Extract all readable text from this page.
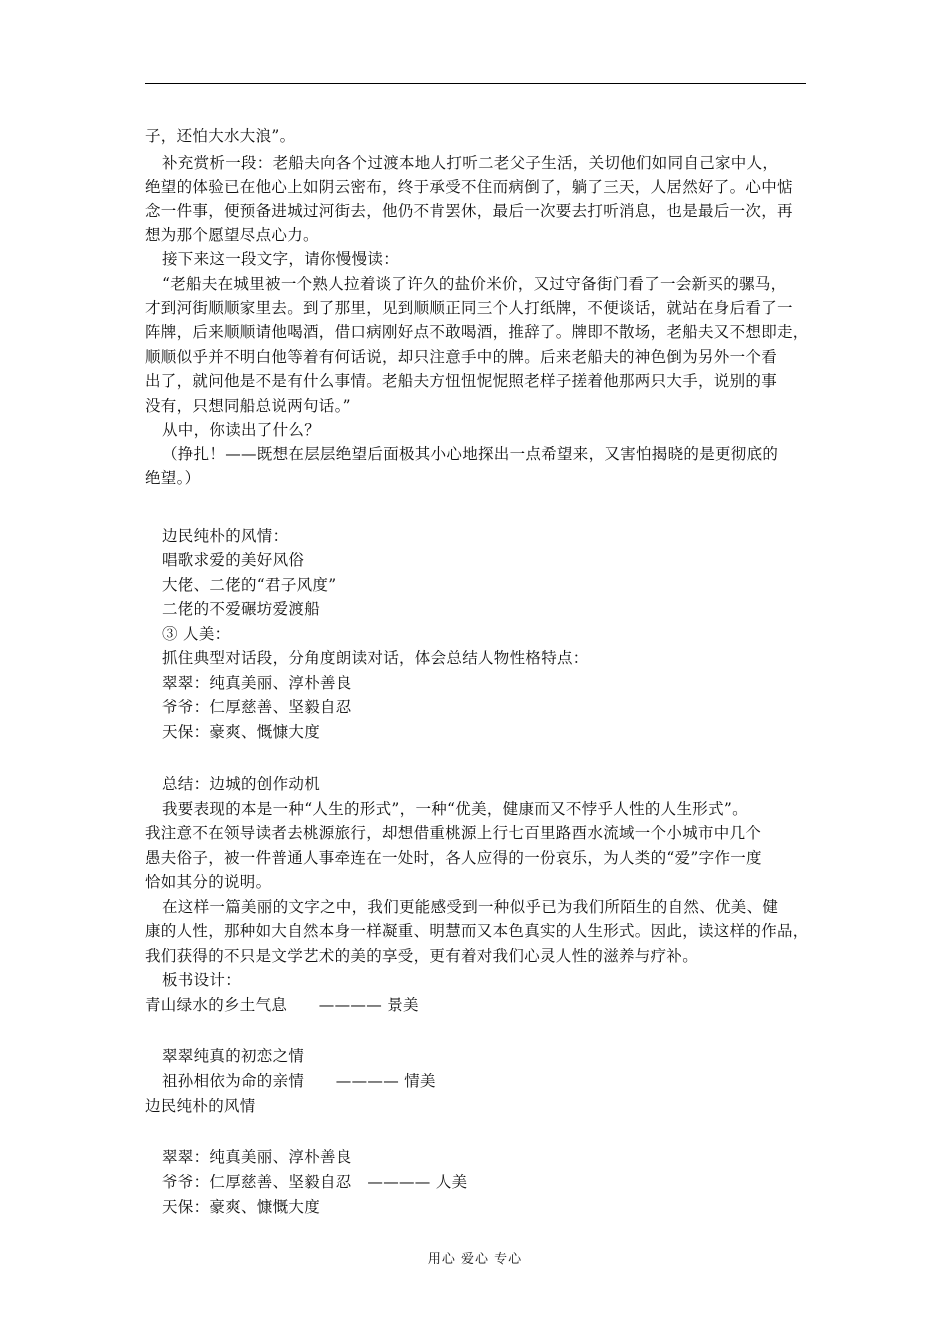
子，还怕大水大浪”。
补充赏析一段：老船夫向各个过渡本地人打听二老父子生活，关切他们如同自己家中人，
绝望的体验已在他心上如阴云密布，终于承受不住而病倒了，躺了三天，人居然好了。心中惦
念一件事，便预备进城过河街去，他仍不肯罢休，最后一次要去打听消息，也是最后一次，再
想为那个愿望尽点心力。
接下来这一段文字，请你慢慢读：
“老船夫在城里被一个熟人拉着谈了许久的盐价米价，又过守备街门看了一会新买的骡马，
才到河街顺顺家里去。到了那里，见到顺顺正同三个人打纸牌，不便谈话，就站在身后看了一
阵牌，后来顺顺请他喝酒，借口病刚好点不敢喝酒，推辞了。牌即不散场，老船夫又不想即走，
顺顺似乎并不明白他等着有何话说，却只注意手中的牌。后来老船夫的神色倒为另外一个看
出了，就问他是不是有什么事情。老船夫方忸忸怩怩照老样子搓着他那两只大手，说别的事
没有，只想同船总说两句话。”
从中，你读出了什么？
（挣扎！——既想在层层绝望后面极其小心地探出一点希望来，又害怕揭晓的是更彻底的
绝望。）
边民纯朴的风情：
唱歌求爱的美好风俗
大佬、二佬的“君子风度”
二佬的不爱碾坊爱渡船
③ 人美：
抓住典型对话段，分角度朗读对话，体会总结人物性格特点：
翠翠：纯真美丽、淳朴善良
爷爷：仁厚慈善、坚毅自忍
天保：豪爽、慨慷大度
总结：边城的创作动机
我要表现的本是一种“人生的形式”，一种“优美，健康而又不悖乎人性的人生形式”。
我注意不在领导读者去桃源旅行，却想借重桃源上行七百里路酉水流域一个小城市中几个
愚夫俗子，被一件普通人事牵连在一处时，各人应得的一份哀乐，为人类的“爱”字作一度
恰如其分的说明。
在这样一篇美丽的文字之中，我们更能感受到一种似乎已为我们所陌生的自然、优美、健
康的人性，那种如大自然本身一样凝重、明慧而又本色真实的人生形式。因此，读这样的作品，
我们获得的不只是文学艺术的美的享受，更有着对我们心灵人性的滋养与疗补。
板书设计：
青山绿水的乡土气息　　———— 景美
翠翠纯真的初恋之情
祖孙相依为命的亲情　　———— 情美
边民纯朴的风情
翠翠：纯真美丽、淳朴善良
爷爷：仁厚慈善、坚毅自忍　———— 人美
天保：豪爽、慷慨大度
用心 爱心 专心
